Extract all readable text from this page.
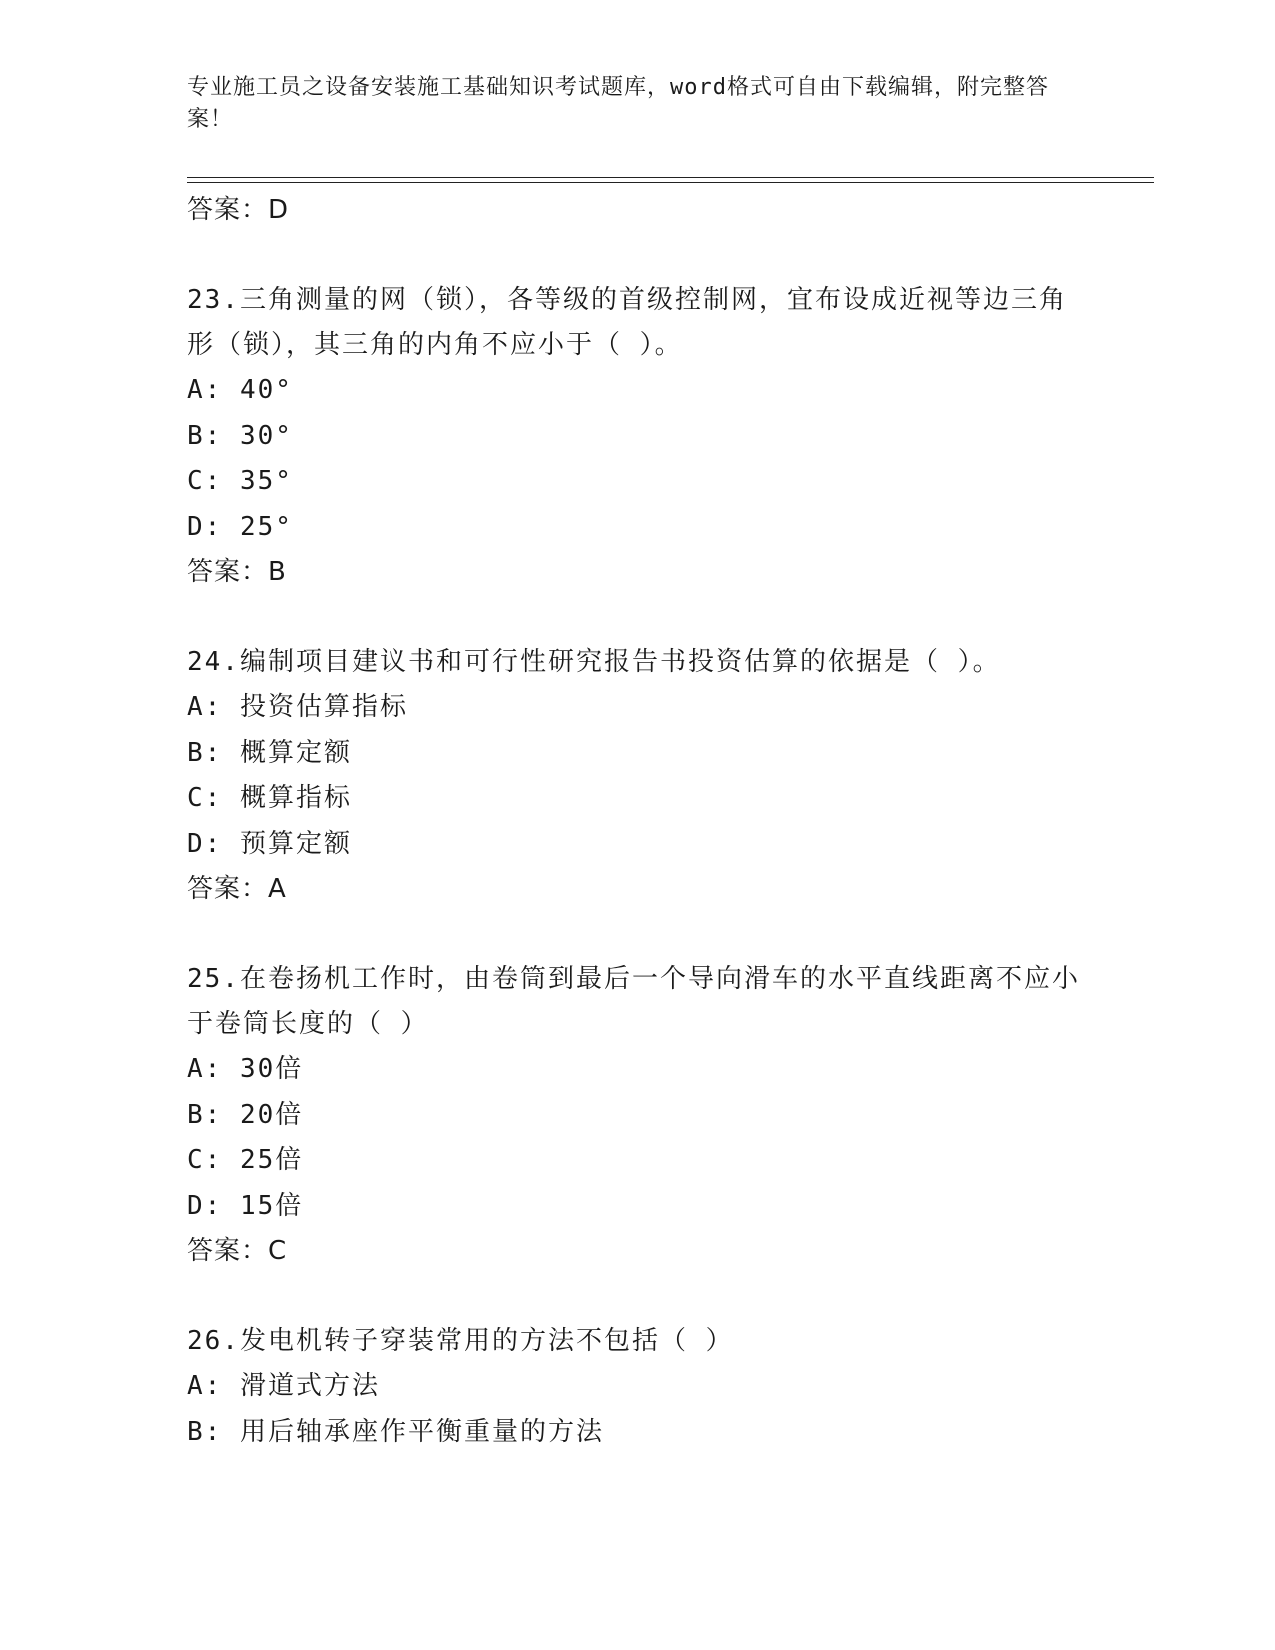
专业施工员之设备安装施工基础知识考试题库，word格式可自由下载编辑，附完整答案！
答案：D
23.三角测量的网（锁），各等级的首级控制网，宜布设成近视等边三角形（锁），其三角的内角不应小于（ ）。
A: 40°
B: 30°
C: 35°
D: 25°
答案：B
24.编制项目建议书和可行性研究报告书投资估算的依据是（ ）。
A: 投资估算指标
B: 概算定额
C: 概算指标
D: 预算定额
答案：A
25.在卷扬机工作时，由卷筒到最后一个导向滑车的水平直线距离不应小于卷筒长度的（ ）
A: 30倍
B: 20倍
C: 25倍
D: 15倍
答案：C
26.发电机转子穿装常用的方法不包括（ ）
A: 滑道式方法
B: 用后轴承座作平衡重量的方法
